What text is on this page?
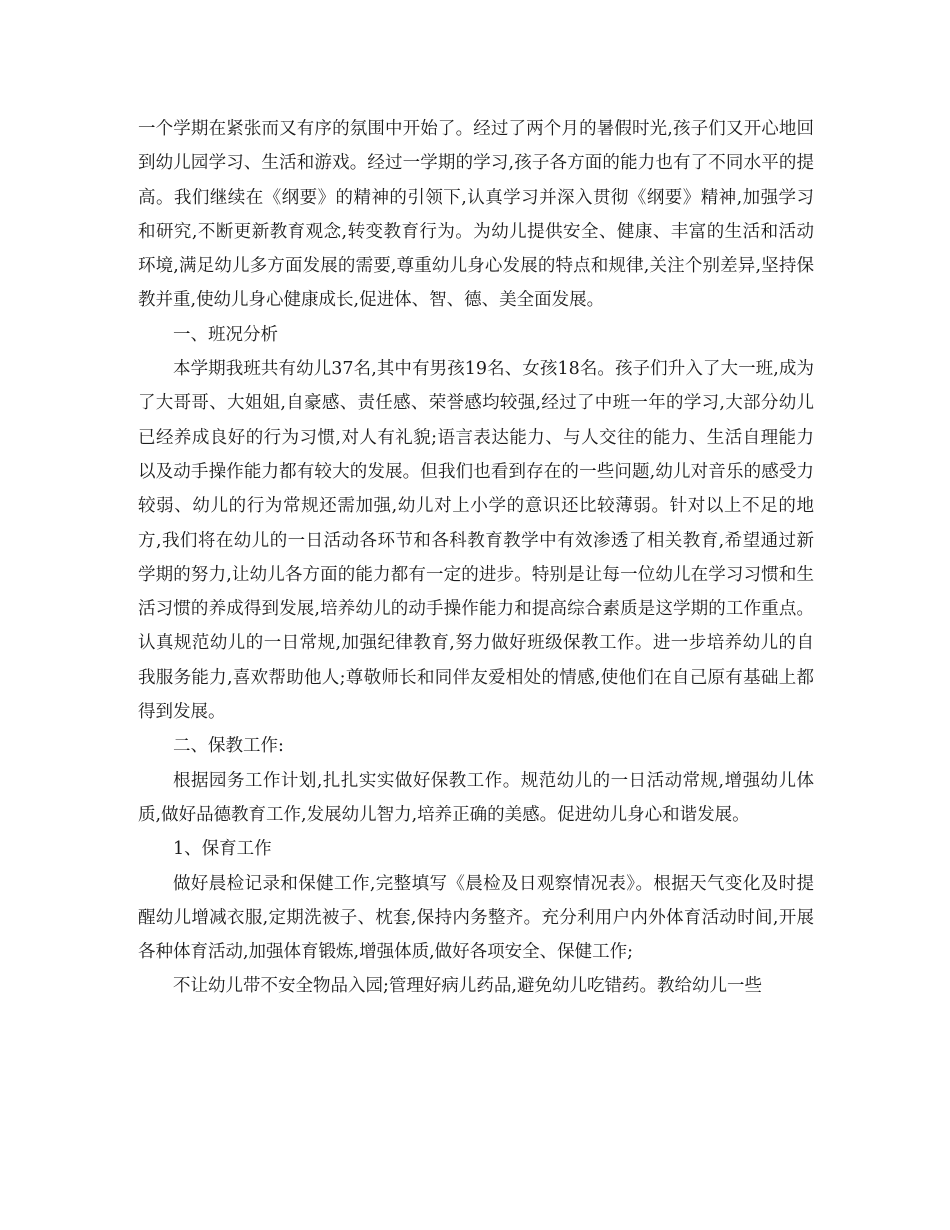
一个学期在紧张而又有序的氛围中开始了。经过了两个月的暑假时光,孩子们又开心地回到幼儿园学习、生活和游戏。经过一学期的学习,孩子各方面的能力也有了不同水平的提高。我们继续在《纲要》的精神的引领下,认真学习并深入贯彻《纲要》精神,加强学习和研究,不断更新教育观念,转变教育行为。为幼儿提供安全、健康、丰富的生活和活动环境,满足幼儿多方面发展的需要,尊重幼儿身心发展的特点和规律,关注个别差异,坚持保教并重,使幼儿身心健康成长,促进体、智、德、美全面发展。

一、班况分析

本学期我班共有幼儿37名,其中有男孩19名、女孩18名。孩子们升入了大一班,成为了大哥哥、大姐姐,自豪感、责任感、荣誉感均较强,经过了中班一年的学习,大部分幼儿已经养成良好的行为习惯,对人有礼貌;语言表达能力、与人交往的能力、生活自理能力以及动手操作能力都有较大的发展。但我们也看到存在的一些问题,幼儿对音乐的感受力较弱、幼儿的行为常规还需加强,幼儿对上小学的意识还比较薄弱。针对以上不足的地方,我们将在幼儿的一日活动各环节和各科教育教学中有效渗透了相关教育,希望通过新学期的努力,让幼儿各方面的能力都有一定的进步。特别是让每一位幼儿在学习习惯和生活习惯的养成得到发展,培养幼儿的动手操作能力和提高综合素质是这学期的工作重点。认真规范幼儿的一日常规,加强纪律教育,努力做好班级保教工作。进一步培养幼儿的自我服务能力,喜欢帮助他人;尊敬师长和同伴友爱相处的情感,使他们在自己原有基础上都得到发展。

二、保教工作:

根据园务工作计划,扎扎实实做好保教工作。规范幼儿的一日活动常规,增强幼儿体质,做好品德教育工作,发展幼儿智力,培养正确的美感。促进幼儿身心和谐发展。

1、保育工作

做好晨检记录和保健工作,完整填写《晨检及日观察情况表》。根据天气变化及时提醒幼儿增减衣服,定期洗被子、枕套,保持内务整齐。充分利用户内外体育活动时间,开展各种体育活动,加强体育锻炼,增强体质,做好各项安全、保健工作;

不让幼儿带不安全物品入园;管理好病儿药品,避免幼儿吃错药。教给幼儿一些
